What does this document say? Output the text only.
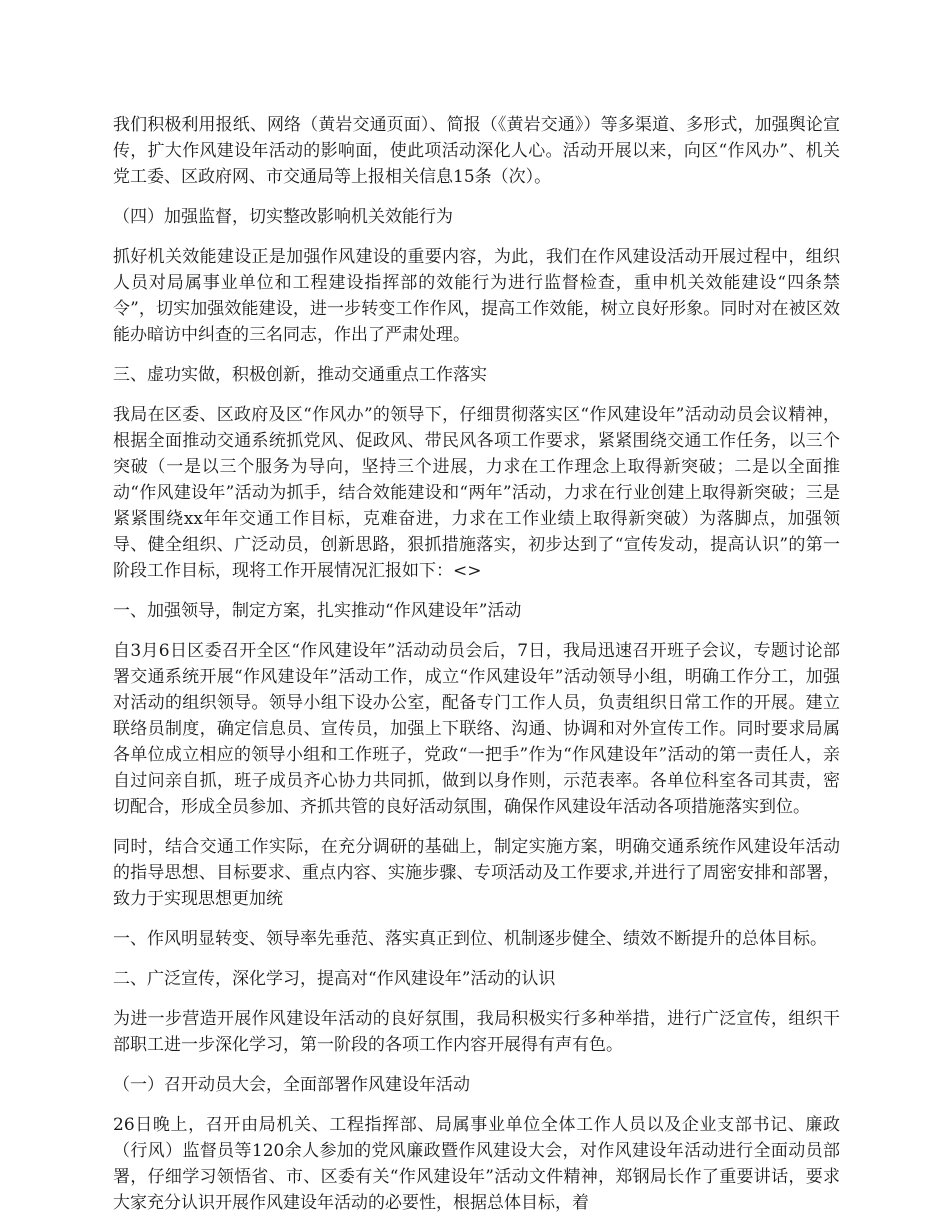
我们积极利用报纸、网络（黄岩交通页面）、简报（《黄岩交通》）等多渠道、多形式，加强舆论宣传，扩大作风建设年活动的影响面，使此项活动深化人心。活动开展以来，向区“作风办”、机关党工委、区政府网、市交通局等上报相关信息15条（次）。

（四）加强监督，切实整改影响机关效能行为

抓好机关效能建设正是加强作风建设的重要内容，为此，我们在作风建设活动开展过程中，组织人员对局属事业单位和工程建设指挥部的效能行为进行监督检查，重申机关效能建设“四条禁令”，切实加强效能建设，进一步转变工作作风，提高工作效能，树立良好形象。同时对在被区效能办暗访中纠查的三名同志，作出了严肃处理。

三、虚功实做，积极创新，推动交通重点工作落实

我局在区委、区政府及区“作风办”的领导下，仔细贯彻落实区“作风建设年”活动动员会议精神，根据全面推动交通系统抓党风、促政风、带民风各项工作要求，紧紧围绕交通工作任务，以三个突破（一是以三个服务为导向，坚持三个进展，力求在工作理念上取得新突破；二是以全面推动“作风建设年”活动为抓手，结合效能建设和“两年”活动，力求在行业创建上取得新突破；三是紧紧围绕xx年年交通工作目标，克难奋进，力求在工作业绩上取得新突破）为落脚点，加强领导、健全组织、广泛动员，创新思路，狠抓措施落实，初步达到了“宣传发动，提高认识”的第一阶段工作目标，现将工作开展情况汇报如下：<>

一、加强领导，制定方案，扎实推动“作风建设年”活动

自3月6日区委召开全区“作风建设年”活动动员会后，7日，我局迅速召开班子会议，专题讨论部署交通系统开展“作风建设年”活动工作，成立“作风建设年”活动领导小组，明确工作分工，加强对活动的组织领导。领导小组下设办公室，配备专门工作人员，负责组织日常工作的开展。建立联络员制度，确定信息员、宣传员，加强上下联络、沟通、协调和对外宣传工作。同时要求局属各单位成立相应的领导小组和工作班子，党政“一把手”作为“作风建设年”活动的第一责任人，亲自过问亲自抓，班子成员齐心协力共同抓，做到以身作则，示范表率。各单位科室各司其责，密切配合，形成全员参加、齐抓共管的良好活动氛围，确保作风建设年活动各项措施落实到位。

同时，结合交通工作实际，在充分调研的基础上，制定实施方案，明确交通系统作风建设年活动的指导思想、目标要求、重点内容、实施步骤、专项活动及工作要求,并进行了周密安排和部署，致力于实现思想更加统

一、作风明显转变、领导率先垂范、落实真正到位、机制逐步健全、绩效不断提升的总体目标。

二、广泛宣传，深化学习，提高对“作风建设年”活动的认识

为进一步营造开展作风建设年活动的良好氛围，我局积极实行多种举措，进行广泛宣传，组织干部职工进一步深化学习，第一阶段的各项工作内容开展得有声有色。

（一）召开动员大会，全面部署作风建设年活动

26日晚上，召开由局机关、工程指挥部、局属事业单位全体工作人员以及企业支部书记、廉政（行风）监督员等120余人参加的党风廉政暨作风建设大会，对作风建设年活动进行全面动员部署，仔细学习领悟省、市、区委有关“作风建设年”活动文件精神，郑钢局长作了重要讲话，要求大家充分认识开展作风建设年活动的必要性，根据总体目标，着
